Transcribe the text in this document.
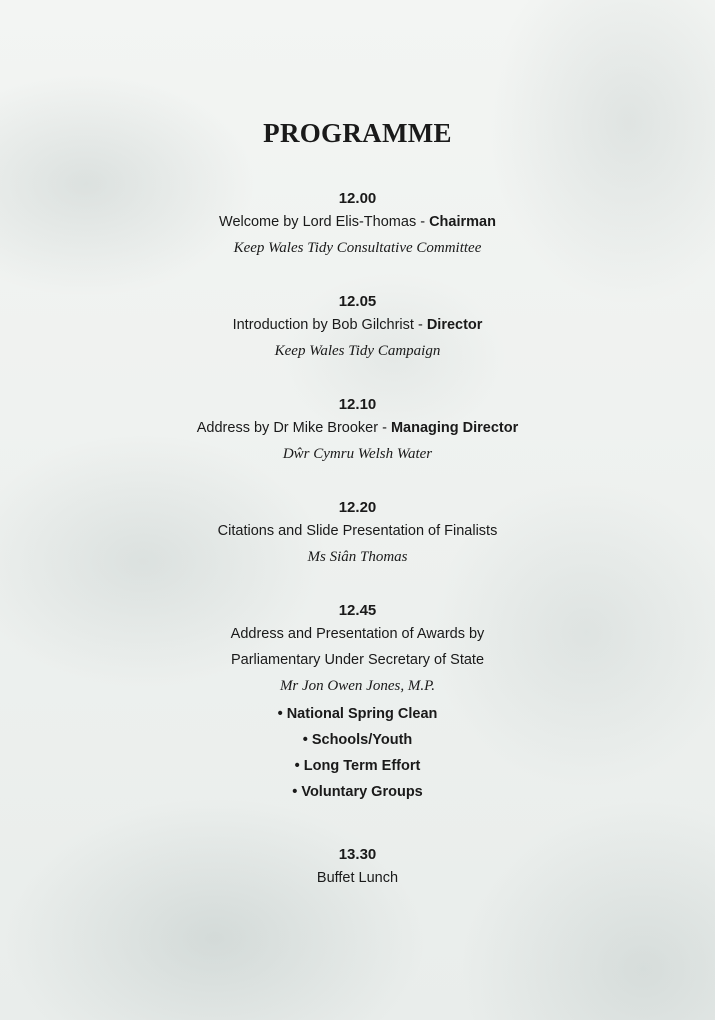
PROGRAMME
12.00
Welcome by Lord Elis-Thomas - Chairman
Keep Wales Tidy Consultative Committee
12.05
Introduction by Bob Gilchrist - Director
Keep Wales Tidy Campaign
12.10
Address by Dr Mike Brooker - Managing Director
Dŵr Cymru Welsh Water
12.20
Citations and Slide Presentation of Finalists
Ms Siân Thomas
12.45
Address and Presentation of Awards by
Parliamentary Under Secretary of State
Mr Jon Owen Jones, M.P.
• National Spring Clean
• Schools/Youth
• Long Term Effort
• Voluntary Groups
13.30
Buffet Lunch
